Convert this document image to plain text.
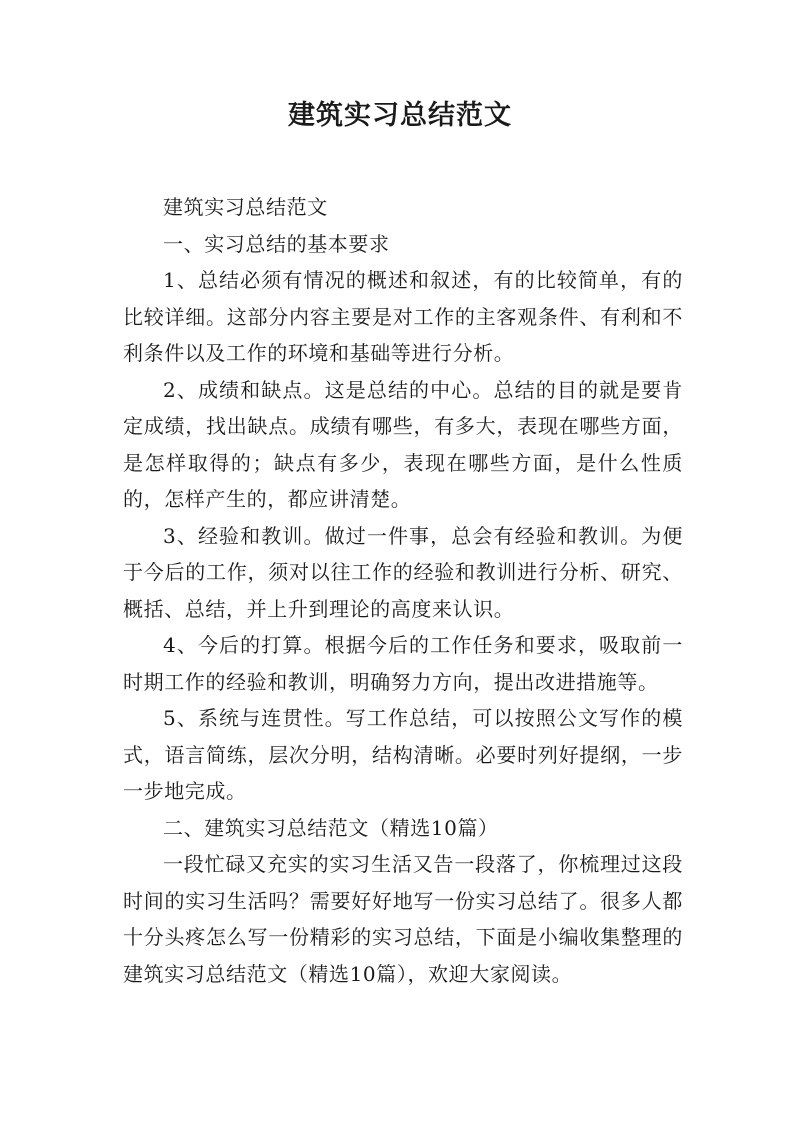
建筑实习总结范文

建筑实习总结范文

一、实习总结的基本要求

1、总结必须有情况的概述和叙述，有的比较简单，有的比较详细。这部分内容主要是对工作的主客观条件、有利和不利条件以及工作的环境和基础等进行分析。

2、成绩和缺点。这是总结的中心。总结的目的就是要肯定成绩，找出缺点。成绩有哪些，有多大，表现在哪些方面，是怎样取得的；缺点有多少，表现在哪些方面，是什么性质的，怎样产生的，都应讲清楚。

3、经验和教训。做过一件事，总会有经验和教训。为便于今后的工作，须对以往工作的经验和教训进行分析、研究、概括、总结，并上升到理论的高度来认识。

4、今后的打算。根据今后的工作任务和要求，吸取前一时期工作的经验和教训，明确努力方向，提出改进措施等。

5、系统与连贯性。写工作总结，可以按照公文写作的模式，语言简练，层次分明，结构清晰。必要时列好提纲，一步一步地完成。

二、建筑实习总结范文（精选10篇）

一段忙碌又充实的实习生活又告一段落了，你梳理过这段时间的实习生活吗？需要好好地写一份实习总结了。很多人都十分头疼怎么写一份精彩的实习总结，下面是小编收集整理的建筑实习总结范文（精选10篇），欢迎大家阅读。
